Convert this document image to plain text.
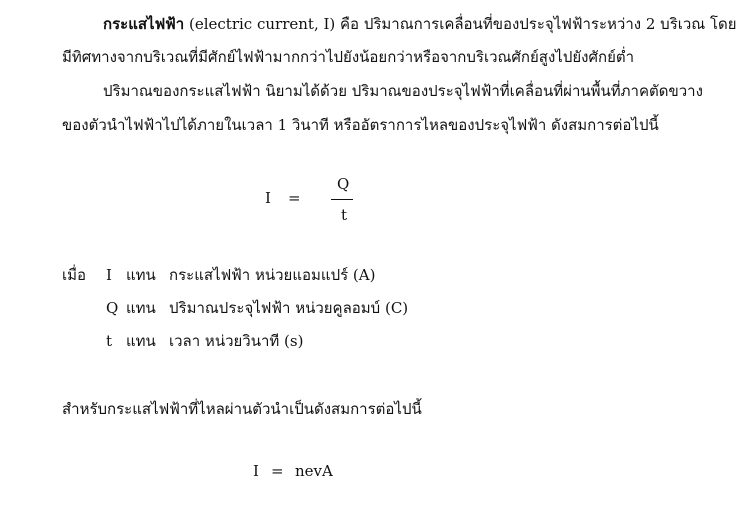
กระแสไฟฟ้า (electric current, I) คือ ปริมาณการเคลื่อนที่ของประจุไฟฟ้าระหว่าง 2 บริเวณ โดย
มีทิศทางจากบริเวณที่มีศักย์ไฟฟ้ามากกว่าไปยังน้อยกว่าหรือจากบริเวณศักย์สูงไปยังศักย์ต่ำ
ปริมาณของกระแสไฟฟ้า นิยามได้ด้วย ปริมาณของประจุไฟฟ้าที่เคลื่อนที่ผ่านพื้นที่ภาคตัดขวาง
ของตัวนำไฟฟ้าไปได้ภายในเวลา 1 วินาที หรืออัตราการไหลของประจุไฟฟ้า ดังสมการต่อไปนี้
I =
Q
t
เมื่อ I แทน กระแสไฟฟ้า หน่วยแอมแปร์ (A)
Q แทน ปริมาณประจุไฟฟ้า หน่วยคูลอมบ์ (C)
t แทน เวลา หน่วยวินาที (s)
สำหรับกระแสไฟฟ้าที่ไหลผ่านตัวนำเป็นดังสมการต่อไปนี้
I = nevA
